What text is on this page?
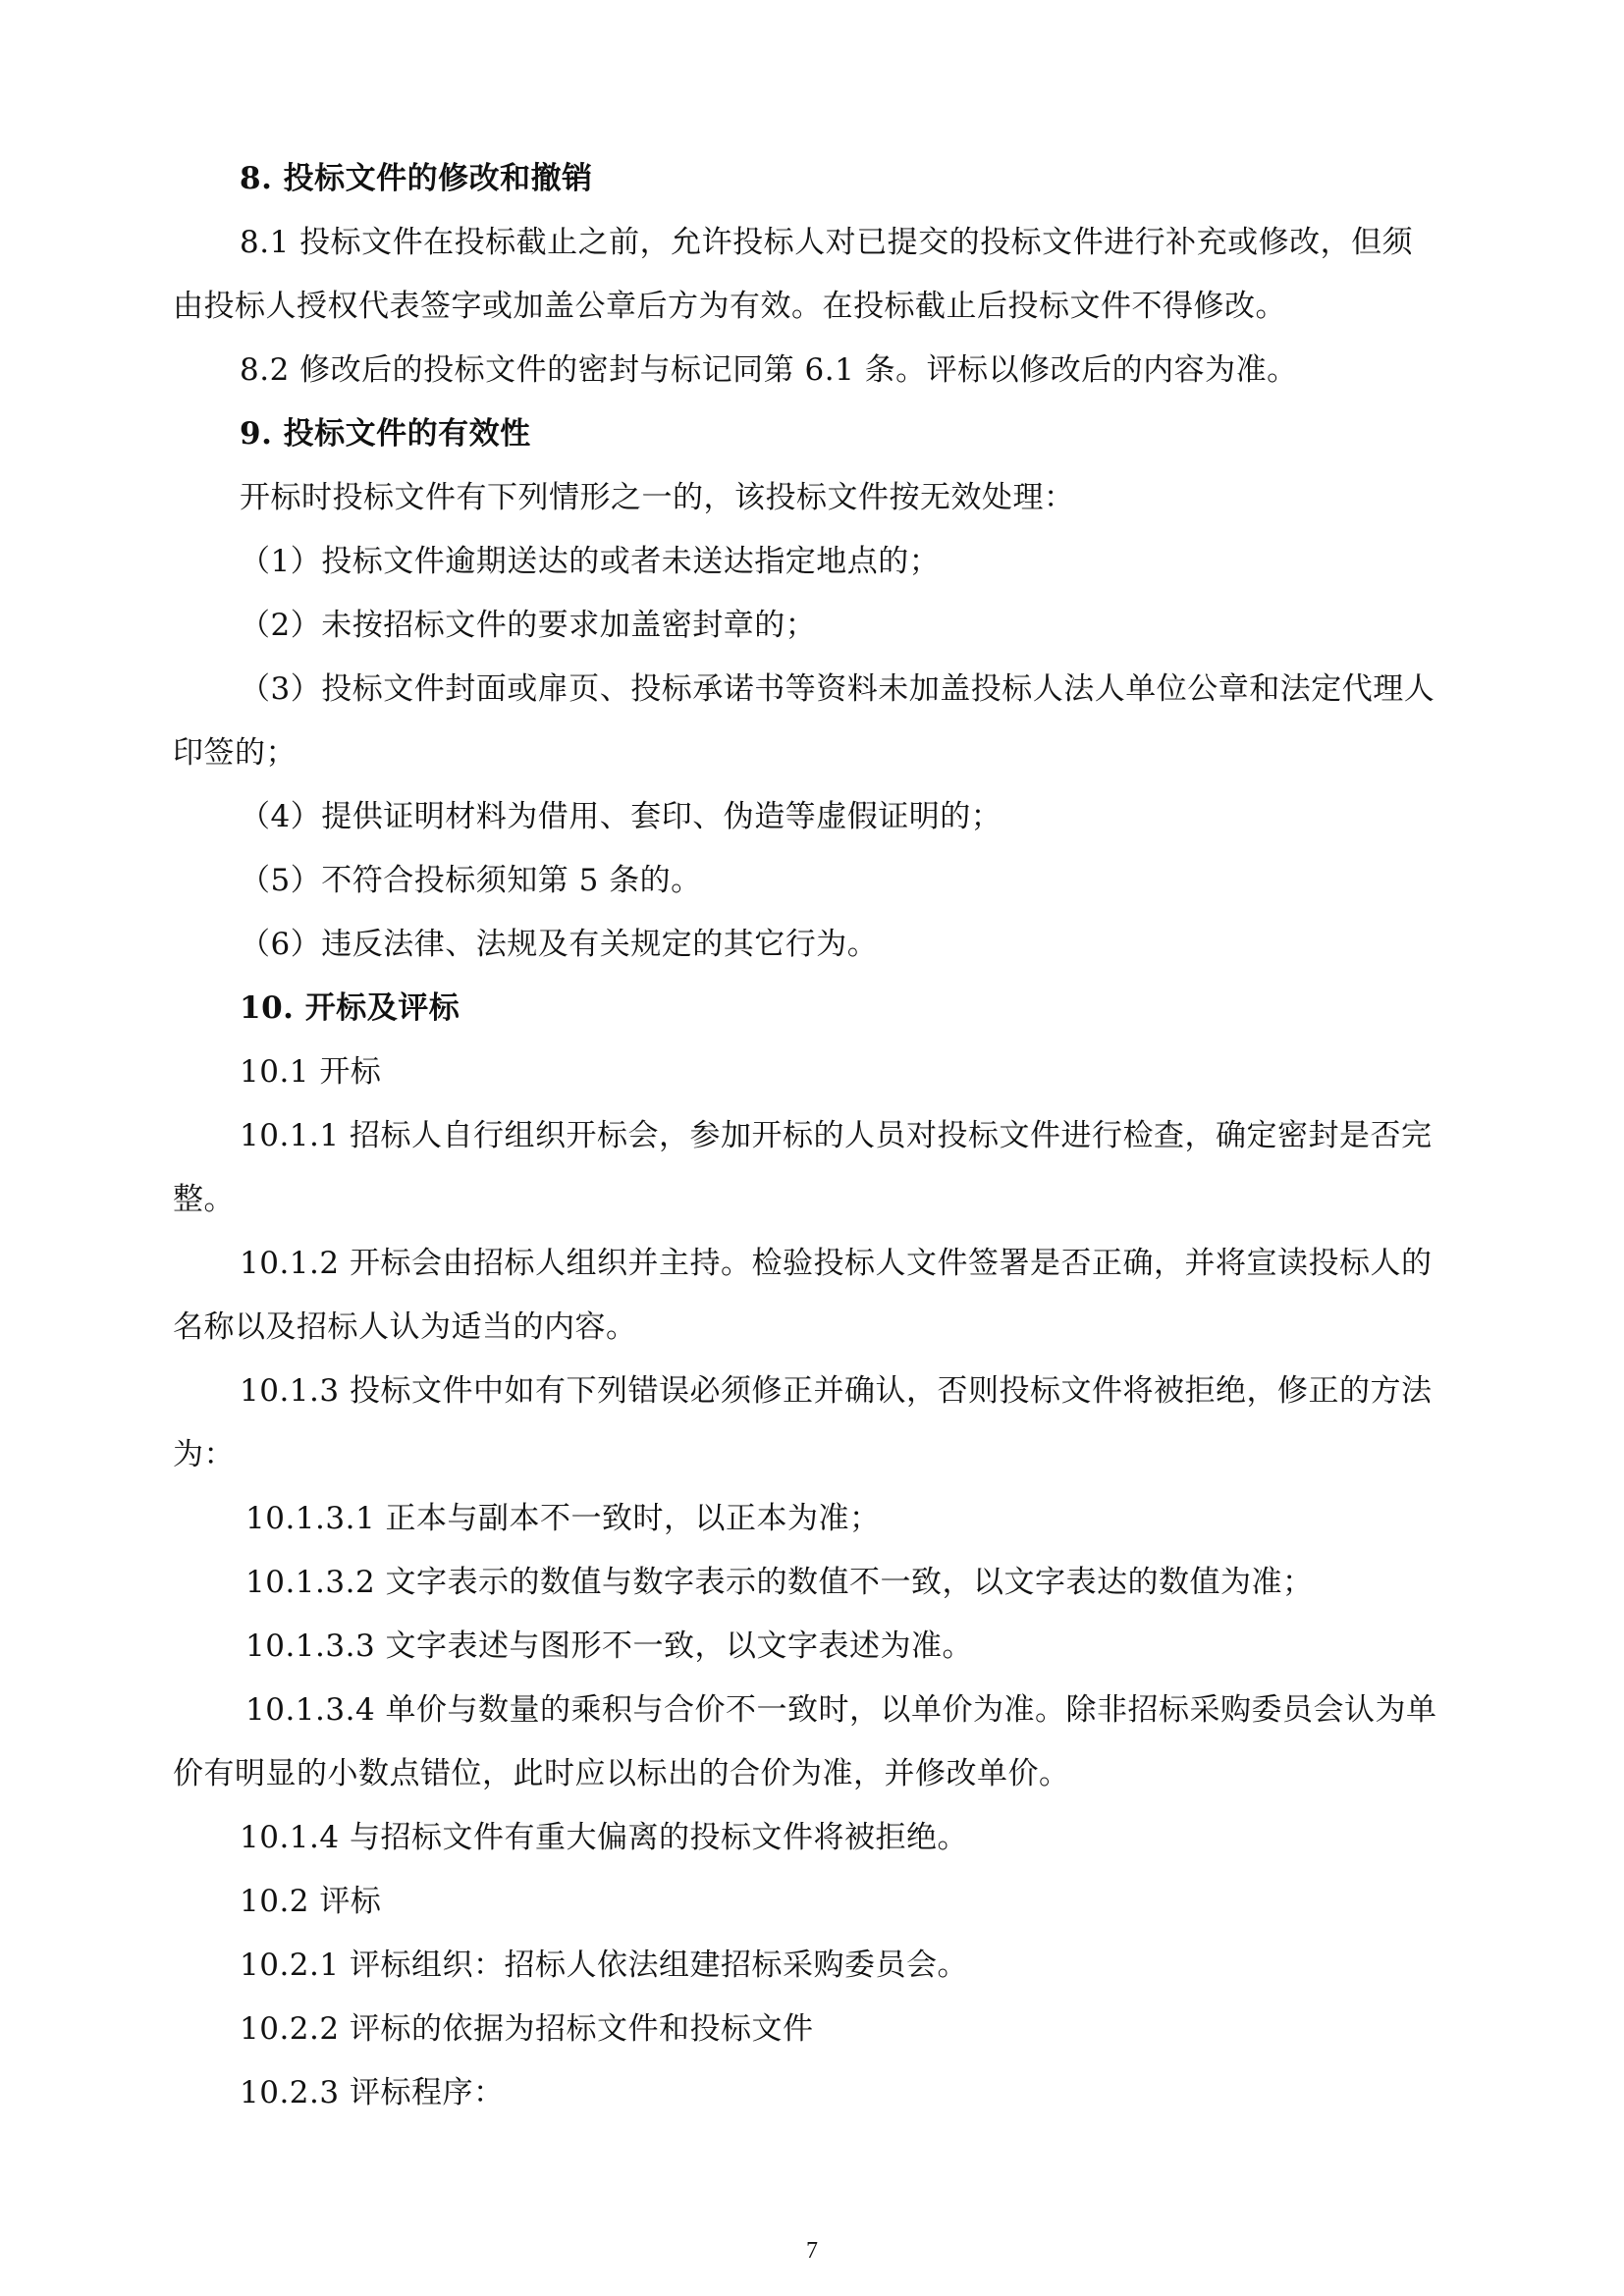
8. 投标文件的修改和撤销

8.1 投标文件在投标截止之前，允许投标人对已提交的投标文件进行补充或修改，但须

由投标人授权代表签字或加盖公章后方为有效。在投标截止后投标文件不得修改。

8.2 修改后的投标文件的密封与标记同第 6.1 条。评标以修改后的内容为准。

9. 投标文件的有效性

开标时投标文件有下列情形之一的，该投标文件按无效处理：

（1）投标文件逾期送达的或者未送达指定地点的；

（2）未按招标文件的要求加盖密封章的；

（3）投标文件封面或扉页、投标承诺书等资料未加盖投标人法人单位公章和法定代理人

印签的；

（4）提供证明材料为借用、套印、伪造等虚假证明的；

（5）不符合投标须知第 5 条的。

（6）违反法律、法规及有关规定的其它行为。

10. 开标及评标

10.1 开标

10.1.1 招标人自行组织开标会，参加开标的人员对投标文件进行检查，确定密封是否完

整。

10.1.2 开标会由招标人组织并主持。检验投标人文件签署是否正确，并将宣读投标人的

名称以及招标人认为适当的内容。

10.1.3 投标文件中如有下列错误必须修正并确认，否则投标文件将被拒绝，修正的方法

为：

10.1.3.1 正本与副本不一致时，以正本为准；

10.1.3.2 文字表示的数值与数字表示的数值不一致，以文字表达的数值为准；

10.1.3.3 文字表述与图形不一致，以文字表述为准。

10.1.3.4 单价与数量的乘积与合价不一致时，以单价为准。除非招标采购委员会认为单

价有明显的小数点错位，此时应以标出的合价为准，并修改单价。

10.1.4 与招标文件有重大偏离的投标文件将被拒绝。

10.2 评标

10.2.1 评标组织：招标人依法组建招标采购委员会。

10.2.2 评标的依据为招标文件和投标文件

10.2.3 评标程序：

7
